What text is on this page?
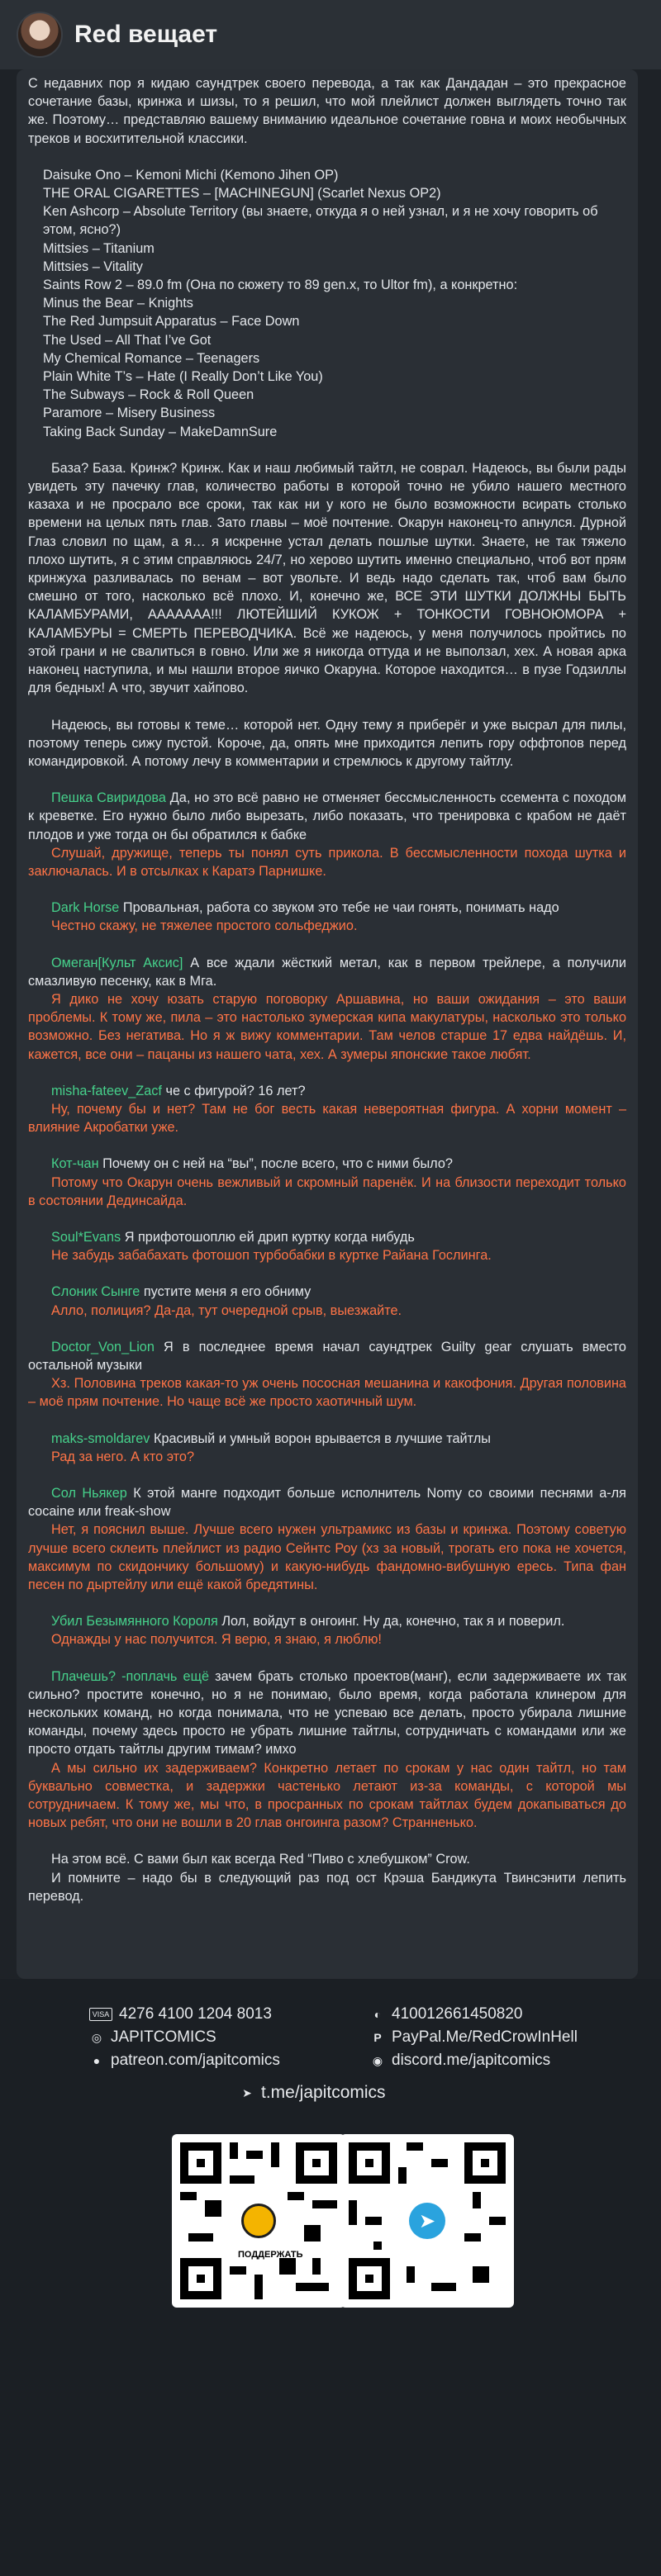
Red вещает

С недавних пор я кидаю саундтрек своего перевода, а так как Дандадан – это прекрасное сочетание базы, кринжа и шизы, то я решил, что мой плейлист должен выглядеть точно так же. Поэтому… представляю вашему вниманию идеальное сочетание говна и моих необычных треков и восхитительной классики.

Daisuke Ono – Kemoni Michi (Kemono Jihen OP)
THE ORAL CIGARETTES – [MACHINEGUN] (Scarlet Nexus OP2)
Ken Ashcorp – Absolute Territory (вы знаете, откуда я о ней узнал, и я не хочу говорить об этом, ясно?)
Mittsies – Titanium
Mittsies – Vitality
Saints Row 2 – 89.0 fm (Она по сюжету то 89 gen.x, то Ultor fm), а конкретно:
Minus the Bear – Knights
The Red Jumpsuit Apparatus – Face Down
The Used – All That I’ve Got
My Chemical Romance – Teenagers
Plain White T’s – Hate (I Really Don’t Like You)
The Subways – Rock & Roll Queen
Paramore – Misery Business
Taking Back Sunday – MakeDamnSure

База? База. Кринж? Кринж. Как и наш любимый тайтл, не соврал. Надеюсь, вы были рады увидеть эту пачечку глав, количество работы в которой точно не убило нашего местного казаха и не просрало все сроки, так как ни у кого не было возможности всирать столько времени на целых пять глав. Зато главы – моё почтение. Окарун наконец-то апнулся. Дурной Глаз словил по щам, а я… я искренне устал делать пошлые шутки. Знаете, не так тяжело плохо шутить, я с этим справляюсь 24/7, но херово шутить именно специально, чтоб вот прям кринжуха разливалась по венам – вот увольте. И ведь надо сделать так, чтоб вам было смешно от того, насколько всё плохо. И, конечно же, ВСЕ ЭТИ ШУТКИ ДОЛЖНЫ БЫТЬ КАЛАМБУРАМИ, ААААААА!!! ЛЮТЕЙШИЙ КУКОЖ + ТОНКОСТИ ГОВНОЮМОРА + КАЛАМБУРЫ = СМЕРТЬ ПЕРЕВОДЧИКА. Всё же надеюсь, у меня получилось пройтись по этой грани и не свалиться в говно. Или же я никогда оттуда и не выползал, хех. А новая арка наконец наступила, и мы нашли второе яичко Окаруна. Которое находится… в пузе Годзиллы для бедных! А что, звучит хайпово.

Надеюсь, вы готовы к теме… которой нет. Одну тему я приберёг и уже высрал для пилы, поэтому теперь сижу пустой. Короче, да, опять мне приходится лепить гору оффтопов перед командировкой. А потому лечу в комментарии и стремлюсь к другому тайтлу.

Пешка Свиридова Да, но это всё равно не отменяет бессмысленность ссемента с походом к креветке. Его нужно было либо вырезать, либо показать, что тренировка с крабом не даёт плодов и уже тогда он бы обратился к бабке

Слушай, дружище, теперь ты понял суть прикола. В бессмысленности похода шутка и заключалась. И в отсылках к Каратэ Парнишке.

Dark Horse Провальная, работа со звуком это тебе не чаи гонять, понимать надо

Честно скажу, не тяжелее простого сольфеджио.

Омеган[Культ Аксис] А все ждали жёсткий метал, как в первом трейлере, а получили смазливую песенку, как в Мга.

Я дико не хочу юзать старую поговорку Аршавина, но ваши ожидания – это ваши проблемы. К тому же, пила – это настолько зумерская кипа макулатуры, насколько это только возможно. Без негатива. Но я ж вижу комментарии. Там челов старше 17 едва найдёшь. И, кажется, все они – пацаны из нашего чата, хех. А зумеры японские такое любят.

misha-fateev_Zacf че с фигурой? 16 лет?

Ну, почему бы и нет? Там не бог весть какая невероятная фигура. А хорни момент – влияние Акробатки уже.

Кот-чан Почему он с ней на “вы”, после всего, что с ними было?

Потому что Окарун очень вежливый и скромный паренёк. И на близости переходит только в состоянии Дединсайда.

Soul*Evans Я прифотошоплю ей дрип куртку когда нибудь

Не забудь забабахать фотошоп турбобабки в куртке Райана Гослинга.

Слоник Сынге пустите меня я его обниму

Алло, полиция? Да-да, тут очередной срыв, выезжайте.

Doctor_Von_Lion Я в последнее время начал саундтрек Guilty gear слушать вместо остальной музыки

Хз. Половина треков какая-то уж очень пососная мешанина и какофония. Другая половина – моё прям почтение. Но чаще всё же просто хаотичный шум.

maks-smoldarev Красивый и умный ворон врывается в лучшие тайтлы

Рад за него. А кто это?

Сол Ньякер К этой манге подходит больше исполнитель Nomy со своими песнями а-ля cocaine или freak-show

Нет, я пояснил выше. Лучше всего нужен ультрамикс из базы и кринжа. Поэтому советую лучше всего склеить плейлист из радио Сейнтс Роу (хз за новый, трогать его пока не хочется, максимум по скидончику большому) и какую-нибудь фандомно-вибушную ересь. Типа фан песен по дыртейлу или ещё какой бредятины.

Убил Безымянного Короля Лол, войдут в онгоинг. Ну да, конечно, так я и поверил.

Однажды у нас получится. Я верю, я знаю, я люблю!

Плачешь? -поплачь ещё зачем брать столько проектов(манг), если задерживаете их так сильно? простите конечно, но я не понимаю, было время, когда работала клинером для нескольких команд, но когда понимала, что не успеваю все делать, просто убирала лишние команды, почему здесь просто не убрать лишние тайтлы, сотрудничать с командами или же просто отдать тайтлы другим тимам? имхо

А мы сильно их задерживаем? Конкретно летает по срокам у нас один тайтл, но там буквально совместка, и задержки частенько летают из-за команды, с которой мы сотрудничаем. К тому же, мы что, в просранных по срокам тайтлах будем докапываться до новых ребят, что они не вошли в 20 глав онгоинга разом? Странненько.

На этом всё. С вами был как всегда Red “Пиво с хлебушком” Crow.

И помните – надо бы в следующий раз под ост Крэша Бандикута Твинсэнити лепить перевод.

VISA 4276 4100 1204 8013
◎ JAPITCOMICS
● patreon.com/japitcomics
◐ 410012661450820
P PayPal.Me/RedCrowInHell
◉ discord.me/japitcomics
➤ t.me/japitcomics
ПОДДЕРЖАТЬ
➤
